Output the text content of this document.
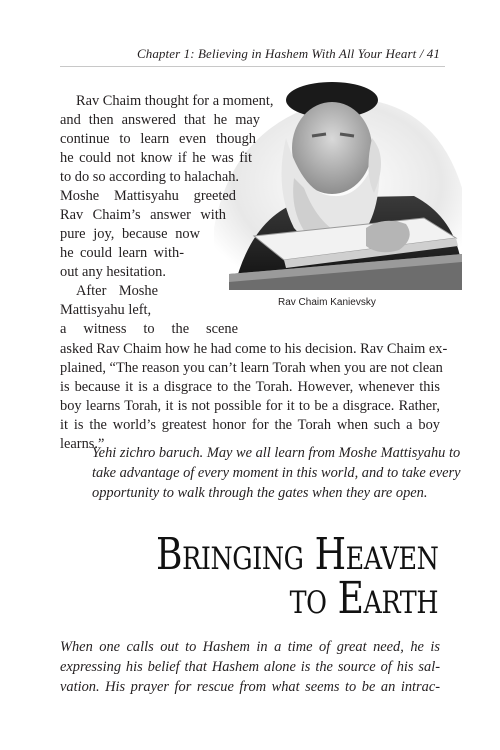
Chapter 1: Believing in Hashem With All Your Heart / 41
Rav Chaim Kanievsky
Rav Chaim thought for a moment,
and then answered that he may
continue to learn even though
he could not know if he was fit
to do so according to halachah.
Moshe Mattisyahu greeted
Rav Chaim’s answer with
pure joy, because now
he could learn with-
out any hesitation.
After Moshe
Mattisyahu left,
a witness to the scene
asked Rav Chaim how he had come to his decision. Rav Chaim ex-
plained, “The reason you can’t learn Torah when you are not clean
is because it is a disgrace to the Torah. However, whenever this
boy learns Torah, it is not possible for it to be a disgrace. Rather,
it is the world’s greatest honor for the Torah when such a boy
learns.”
Yehi zichro baruch. May we all learn from Moshe Mattisyahu to
take advantage of every moment in this world, and to take every
opportunity to walk through the gates when they are open.
Bringing Heaven
to Earth
When one calls out to Hashem in a time of great need, he is
expressing his belief that Hashem alone is the source of his sal-
vation. His prayer for rescue from what seems to be an intrac-
